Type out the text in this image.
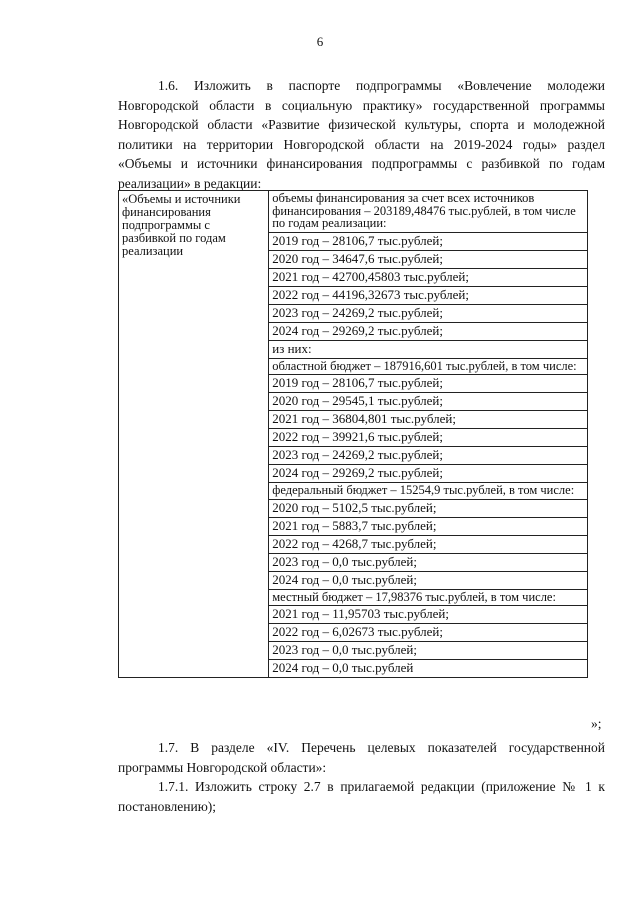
6

1.6. Изложить в паспорте подпрограммы «Вовлечение молодежи Новгородской области в социальную практику» государственной программы Новгородской области «Развитие физической культуры, спорта и молодежной политики на территории Новгородской области на 2019-2024 годы» раздел «Объемы и источники финансирования подпрограммы с разбивкой по годам реализации» в редакции:

«Объемы и источники финансирования подпрограммы с разбивкой по годам реализации	
объемы финансирования за счет всех источников финансирования – 203189,48476 тыс.рублей, в том числе по годам реализации:
2019 год – 28106,7 тыс.рублей;
2020 год – 34647,6 тыс.рублей;
2021 год – 42700,45803 тыс.рублей;
2022 год – 44196,32673 тыс.рублей;
2023 год – 24269,2 тыс.рублей;
2024 год – 29269,2 тыс.рублей;
из них:
областной бюджет – 187916,601 тыс.рублей, в том числе:
2019 год – 28106,7 тыс.рублей;
2020 год – 29545,1 тыс.рублей;
2021 год – 36804,801 тыс.рублей;
2022 год – 39921,6 тыс.рублей;
2023 год – 24269,2 тыс.рублей;
2024 год – 29269,2 тыс.рублей;
федеральный бюджет – 15254,9 тыс.рублей, в том числе:
2020 год – 5102,5 тыс.рублей;
2021 год – 5883,7 тыс.рублей;
2022 год – 4268,7 тыс.рублей;
2023 год – 0,0 тыс.рублей;
2024 год – 0,0 тыс.рублей;
местный бюджет – 17,98376 тыс.рублей, в том числе:
2021 год – 11,95703 тыс.рублей;
2022 год – 6,02673 тыс.рублей;
2023 год – 0,0 тыс.рублей;
2024 год – 0,0 тыс.рублей
»;

1.7. В разделе «IV. Перечень целевых показателей государственной программы Новгородской области»:

1.7.1. Изложить строку 2.7 в прилагаемой редакции (приложение № 1 к постановлению);
